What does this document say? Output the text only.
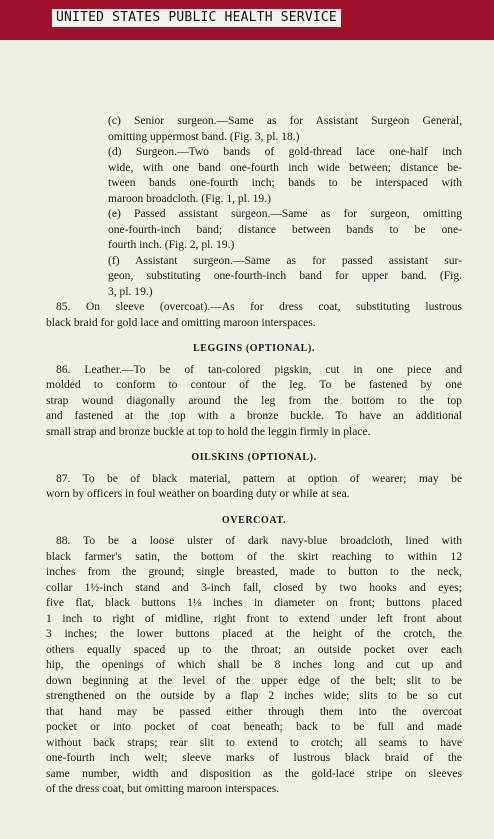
UNITED STATES PUBLIC HEALTH SERVICE
(c) Senior surgeon.—Same as for Assistant Surgeon General,
omitting uppermost band. (Fig. 3, pl. 18.)
(d) Surgeon.—Two bands of gold-thread lace one-half inch
wide, with one band one-fourth inch wide between; distance be-
tween bands one-fourth inch; bands to be interspaced with
maroon broadcloth. (Fig. 1, pl. 19.)
(e) Passed assistant surgeon.—Same as for surgeon, omitting
one-fourth-inch band; distance between bands to be one-
fourth inch. (Fig. 2, pl. 19.)
(f) Assistant surgeon.—Same as for passed assistant sur-
geon, substituting one-fourth-inch band for upper band. (Fig.
3, pl. 19.)
85. On sleeve (overcoat).—As for dress coat, substituting lustrous
black braid for gold lace and omitting maroon interspaces.
LEGGINS (OPTIONAL).
86. Leather.—To be of tan-colored pigskin, cut in one piece and
molded to conform to contour of the leg. To be fastened by one
strap wound diagonally around the leg from the bottom to the top
and fastened at the top with a bronze buckle. To have an additional
small strap and bronze buckle at top to hold the leggin firmly in place.
OILSKINS (OPTIONAL).
87. To be of black material, pattern at option of wearer; may be
worn by officers in foul weather on boarding duty or while at sea.
OVERCOAT.
88. To be a loose ulster of dark navy-blue broadcloth, lined with
black farmer's satin, the bottom of the skirt reaching to within 12
inches from the ground; single breasted, made to button to the neck,
collar 1½-inch stand and 3-inch fall, closed by two hooks and eyes;
five flat, black buttons 1⅛ inches in diameter on front; buttons placed
1 inch to right of midline, right front to extend under left front about
3 inches; the lower buttons placed at the height of the crotch, the
others equally spaced up to the throat; an outside pocket over each
hip, the openings of which shall be 8 inches long and cut up and
down beginning at the level of the upper edge of the belt; slit to be
strengthened on the outside by a flap 2 inches wide; slits to be so cut
that hand may be passed either through them into the overcoat
pocket or into pocket of coat beneath; back to be full and made
without back straps; rear slit to extend to crotch; all seams to have
one-fourth inch welt; sleeve marks of lustrous black braid of the
same number, width and disposition as the gold-lace stripe on sleeves
of the dress coat, but omitting maroon interspaces.
